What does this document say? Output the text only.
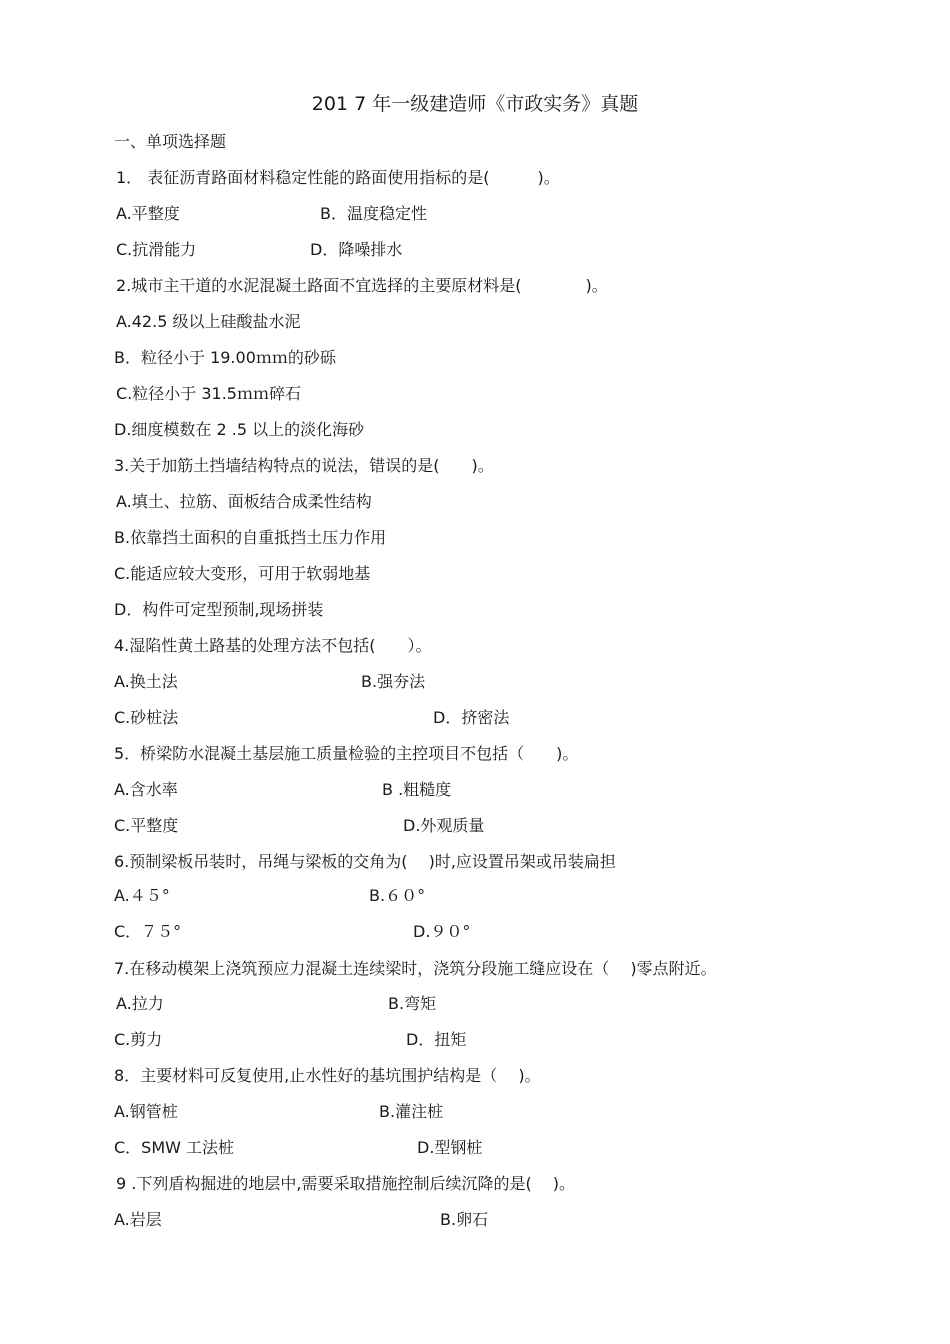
201 7 年一级建造师《市政实务》真题
一、单项选择题
1． 表征沥青路面材料稳定性能的路面使用指标的是(　　　)。
A.平整度	B．温度稳定性
C.抗滑能力	D．降噪排水
2.城市主干道的水泥混凝土路面不宜选择的主要原材料是(　　　　)。
A.42.5 级以上硅酸盐水泥
B．粒径小于 19.00ｍｍ的砂砾
C.粒径小于 31.5ｍｍ碎石
D.细度模数在 2 .5 以上的淡化海砂
3.关于加筋土挡墙结构特点的说法，错误的是(　　)。
A.填土、拉筋、面板结合成柔性结构
B.依靠挡土面积的自重抵挡土压力作用
C.能适应较大变形，可用于软弱地基
D．构件可定型预制,现场拼装
4.湿陷性黄土路基的处理方法不包括(　　）。
A.换土法	B.强夯法
C.砂桩法	D．挤密法
5．桥梁防水混凝土基层施工质量检验的主控项目不包括（　　)。
A.含水率	B .粗糙度
C.平整度	D.外观质量
6.预制梁板吊装时，吊绳与梁板的交角为(　 )时,应设置吊架或吊装扁担
A.４５°	B.６０°
C．７５°	D.９０°
7.在移动模架上浇筑预应力混凝土连续梁时，浇筑分段施工缝应设在（　 )零点附近。
A.拉力	B.弯矩
C.剪力	D．扭矩
8．主要材料可反复使用,止水性好的基坑围护结构是（　 )。
A.钢管桩	B.灌注桩
C．SMW 工法桩	D.型钢桩
9 .下列盾构掘进的地层中,需要采取措施控制后续沉降的是(　 )。
A.岩层	B.卵石
